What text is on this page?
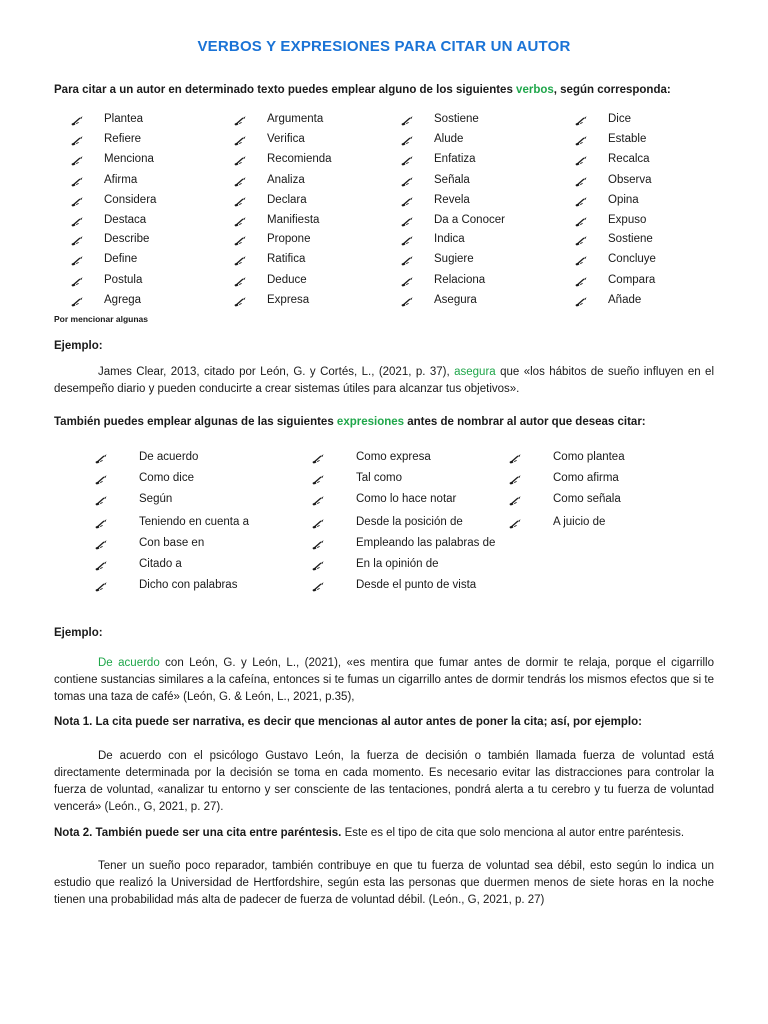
VERBOS Y EXPRESIONES PARA CITAR UN AUTOR
Para citar a un autor en determinado texto puedes emplear alguno de los siguientes verbos, según corresponda:
Plantea
Refiere
Menciona
Afirma
Considera
Destaca
Describe
Define
Postula
Agrega
Argumenta
Verifica
Recomienda
Analiza
Declara
Manifiesta
Propone
Ratifica
Deduce
Expresa
Sostiene
Alude
Enfatiza
Señala
Revela
Da a Conocer
Indica
Sugiere
Relaciona
Asegura
Dice
Estable
Recalca
Observa
Opina
Expuso
Sostiene
Concluye
Compara
Añade
Por mencionar algunas
Ejemplo:
James Clear, 2013, citado por León, G. y Cortés, L., (2021, p. 37), asegura que «los hábitos de sueño influyen en el desempeño diario y pueden conducirte a crear sistemas útiles para alcanzar tus objetivos».
También puedes emplear algunas de las siguientes expresiones antes de nombrar al autor que deseas citar:
De acuerdo
Como dice
Según
Teniendo en cuenta a
Con base en
Citado a
Dicho con palabras
Como expresa
Tal como
Como lo hace notar
Desde la posición de
Empleando las palabras de
En la opinión de
Desde el punto de vista
Como plantea
Como afirma
Como señala
A juicio de
Ejemplo:
De acuerdo con León, G. y León, L., (2021), «es mentira que fumar antes de dormir te relaja, porque el cigarrillo contiene sustancias similares a la cafeína, entonces si te fumas un cigarrillo antes de dormir tendrás los mismos efectos que si te tomas una taza de café» (León, G. & León, L., 2021, p.35),
Nota 1. La cita puede ser narrativa, es decir que mencionas al autor antes de poner la cita; así, por ejemplo:
De acuerdo con el psicólogo Gustavo León, la fuerza de decisión o también llamada fuerza de voluntad está directamente determinada por la decisión se toma en cada momento. Es necesario evitar las distracciones para controlar la fuerza de voluntad, «analizar tu entorno y ser consciente de las tentaciones, pondrá alerta a tu cerebro y tu fuerza de voluntad vencerá» (León., G, 2021, p. 27).
Nota 2. También puede ser una cita entre paréntesis. Este es el tipo de cita que solo menciona al autor entre paréntesis.
Tener un sueño poco reparador, también contribuye en que tu fuerza de voluntad sea débil, esto según lo indica un estudio que realizó la Universidad de Hertfordshire, según esta las personas que duermen menos de siete horas en la noche tienen una probabilidad más alta de padecer de fuerza de voluntad débil. (León., G, 2021, p. 27)
